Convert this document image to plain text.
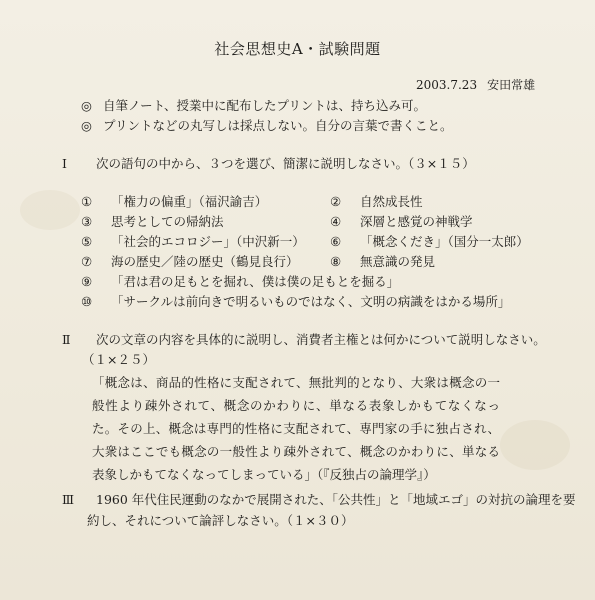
社会思想史A・試験問題
2003.7.23 安田常雄
◎ 自筆ノート、授業中に配布したプリントは、持ち込み可。
◎ プリントなどの丸写しは採点しない。自分の言葉で書くこと。
Ⅰ 次の語句の中から、３つを選び、簡潔に説明しなさい。（３×１５）
① 「権力の偏重」（福沢諭吉）	② 自然成長性
③ 思考としての帰納法	④ 深層と感覚の神戦学
⑤ 「社会的エコロジー」（中沢新一） ⑥ 「概念くだき」（国分一太郎）
⑦ 海の歴史／陸の歴史（鶴見良行）	⑧ 無意識の発見
⑨ 「君は君の足もとを掘れ、僕は僕の足もとを掘る」
⑩ 「サークルは前向きで明るいものではなく、文明の病識をはかる場所」
Ⅱ 次の文章の内容を具体的に説明し、消費者主権とは何かについて説明しなさい。
（１×２５）
「概念は、商品的性格に支配されて、無批判的となり、大衆は概念の一般性より疎外されて、概念のかわりに、単なる表象しかもてなくなった。その上、概念は専門的性格に支配されて、専門家の手に独占され、大衆はここでも概念の一般性より疎外されて、概念のかわりに、単なる表象しかもてなくなってしまっている」（『反独占の論理学』）
Ⅲ 1960 年代住民運動のなかで展開された、「公共性」と「地域エゴ」の対抗の論理を要
約し、それについて論評しなさい。（１×３０）
